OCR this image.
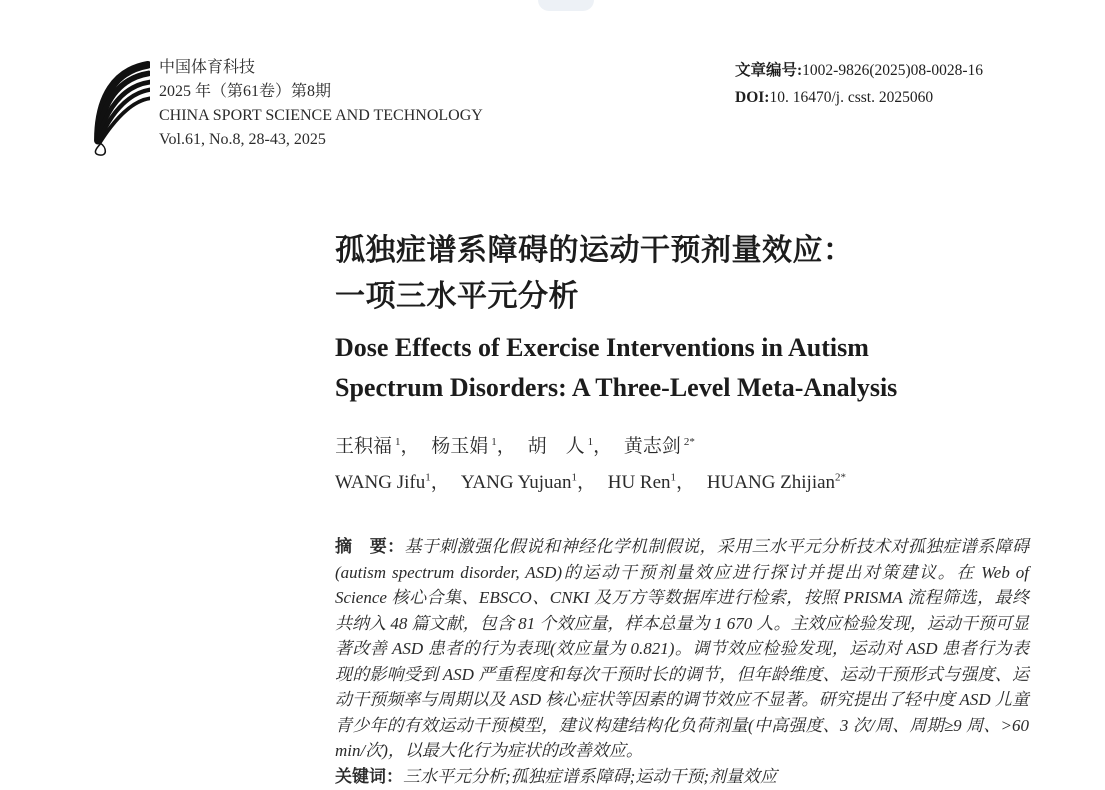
中国体育科技
2025 年（第61卷）第8期
CHINA SPORT SCIENCE AND TECHNOLOGY
Vol.61, No.8, 28-43, 2025
文章编号:1002-9826(2025)08-0028-16
DOI:10. 16470/j. csst. 2025060
孤独症谱系障碍的运动干预剂量效应：
一项三水平元分析
Dose Effects of Exercise Interventions in Autism
Spectrum Disorders: A Three-Level Meta-Analysis
王积福 $^1$， 杨玉娟 $^1$， 胡　人 $^1$， 黄志剑 $^{2*}$
WANG Jifu$^1$， YANG Yujuan$^1$， HU Ren$^1$， HUANG Zhijian$^{2*}$

摘　要：基于刺激强化假说和神经化学机制假说，采用三水平元分析技术对孤独症谱系障碍(autism spectrum disorder, ASD)的运动干预剂量效应进行探讨并提出对策建议。在 Web of Science 核心合集、EBSCO、CNKI 及万方等数据库进行检索，按照 PRISMA 流程筛选，最终共纳入 48 篇文献，包含 81 个效应量，样本总量为 1 670 人。主效应检验发现，运动干预可显著改善 ASD 患者的行为表现(效应量为 0.821)。调节效应检验发现，运动对 ASD 患者行为表现的影响受到 ASD 严重程度和每次干预时长的调节，但年龄维度、运动干预形式与强度、运动干预频率与周期以及 ASD 核心症状等因素的调节效应不显著。研究提出了轻中度 ASD 儿童青少年的有效运动干预模型，建议构建结构化负荷剂量(中高强度、3 次/周、周期≥9 周、>60 min/次)，以最大化行为症状的改善效应。

关键词：三水平元分析;孤独症谱系障碍;运动干预;剂量效应
